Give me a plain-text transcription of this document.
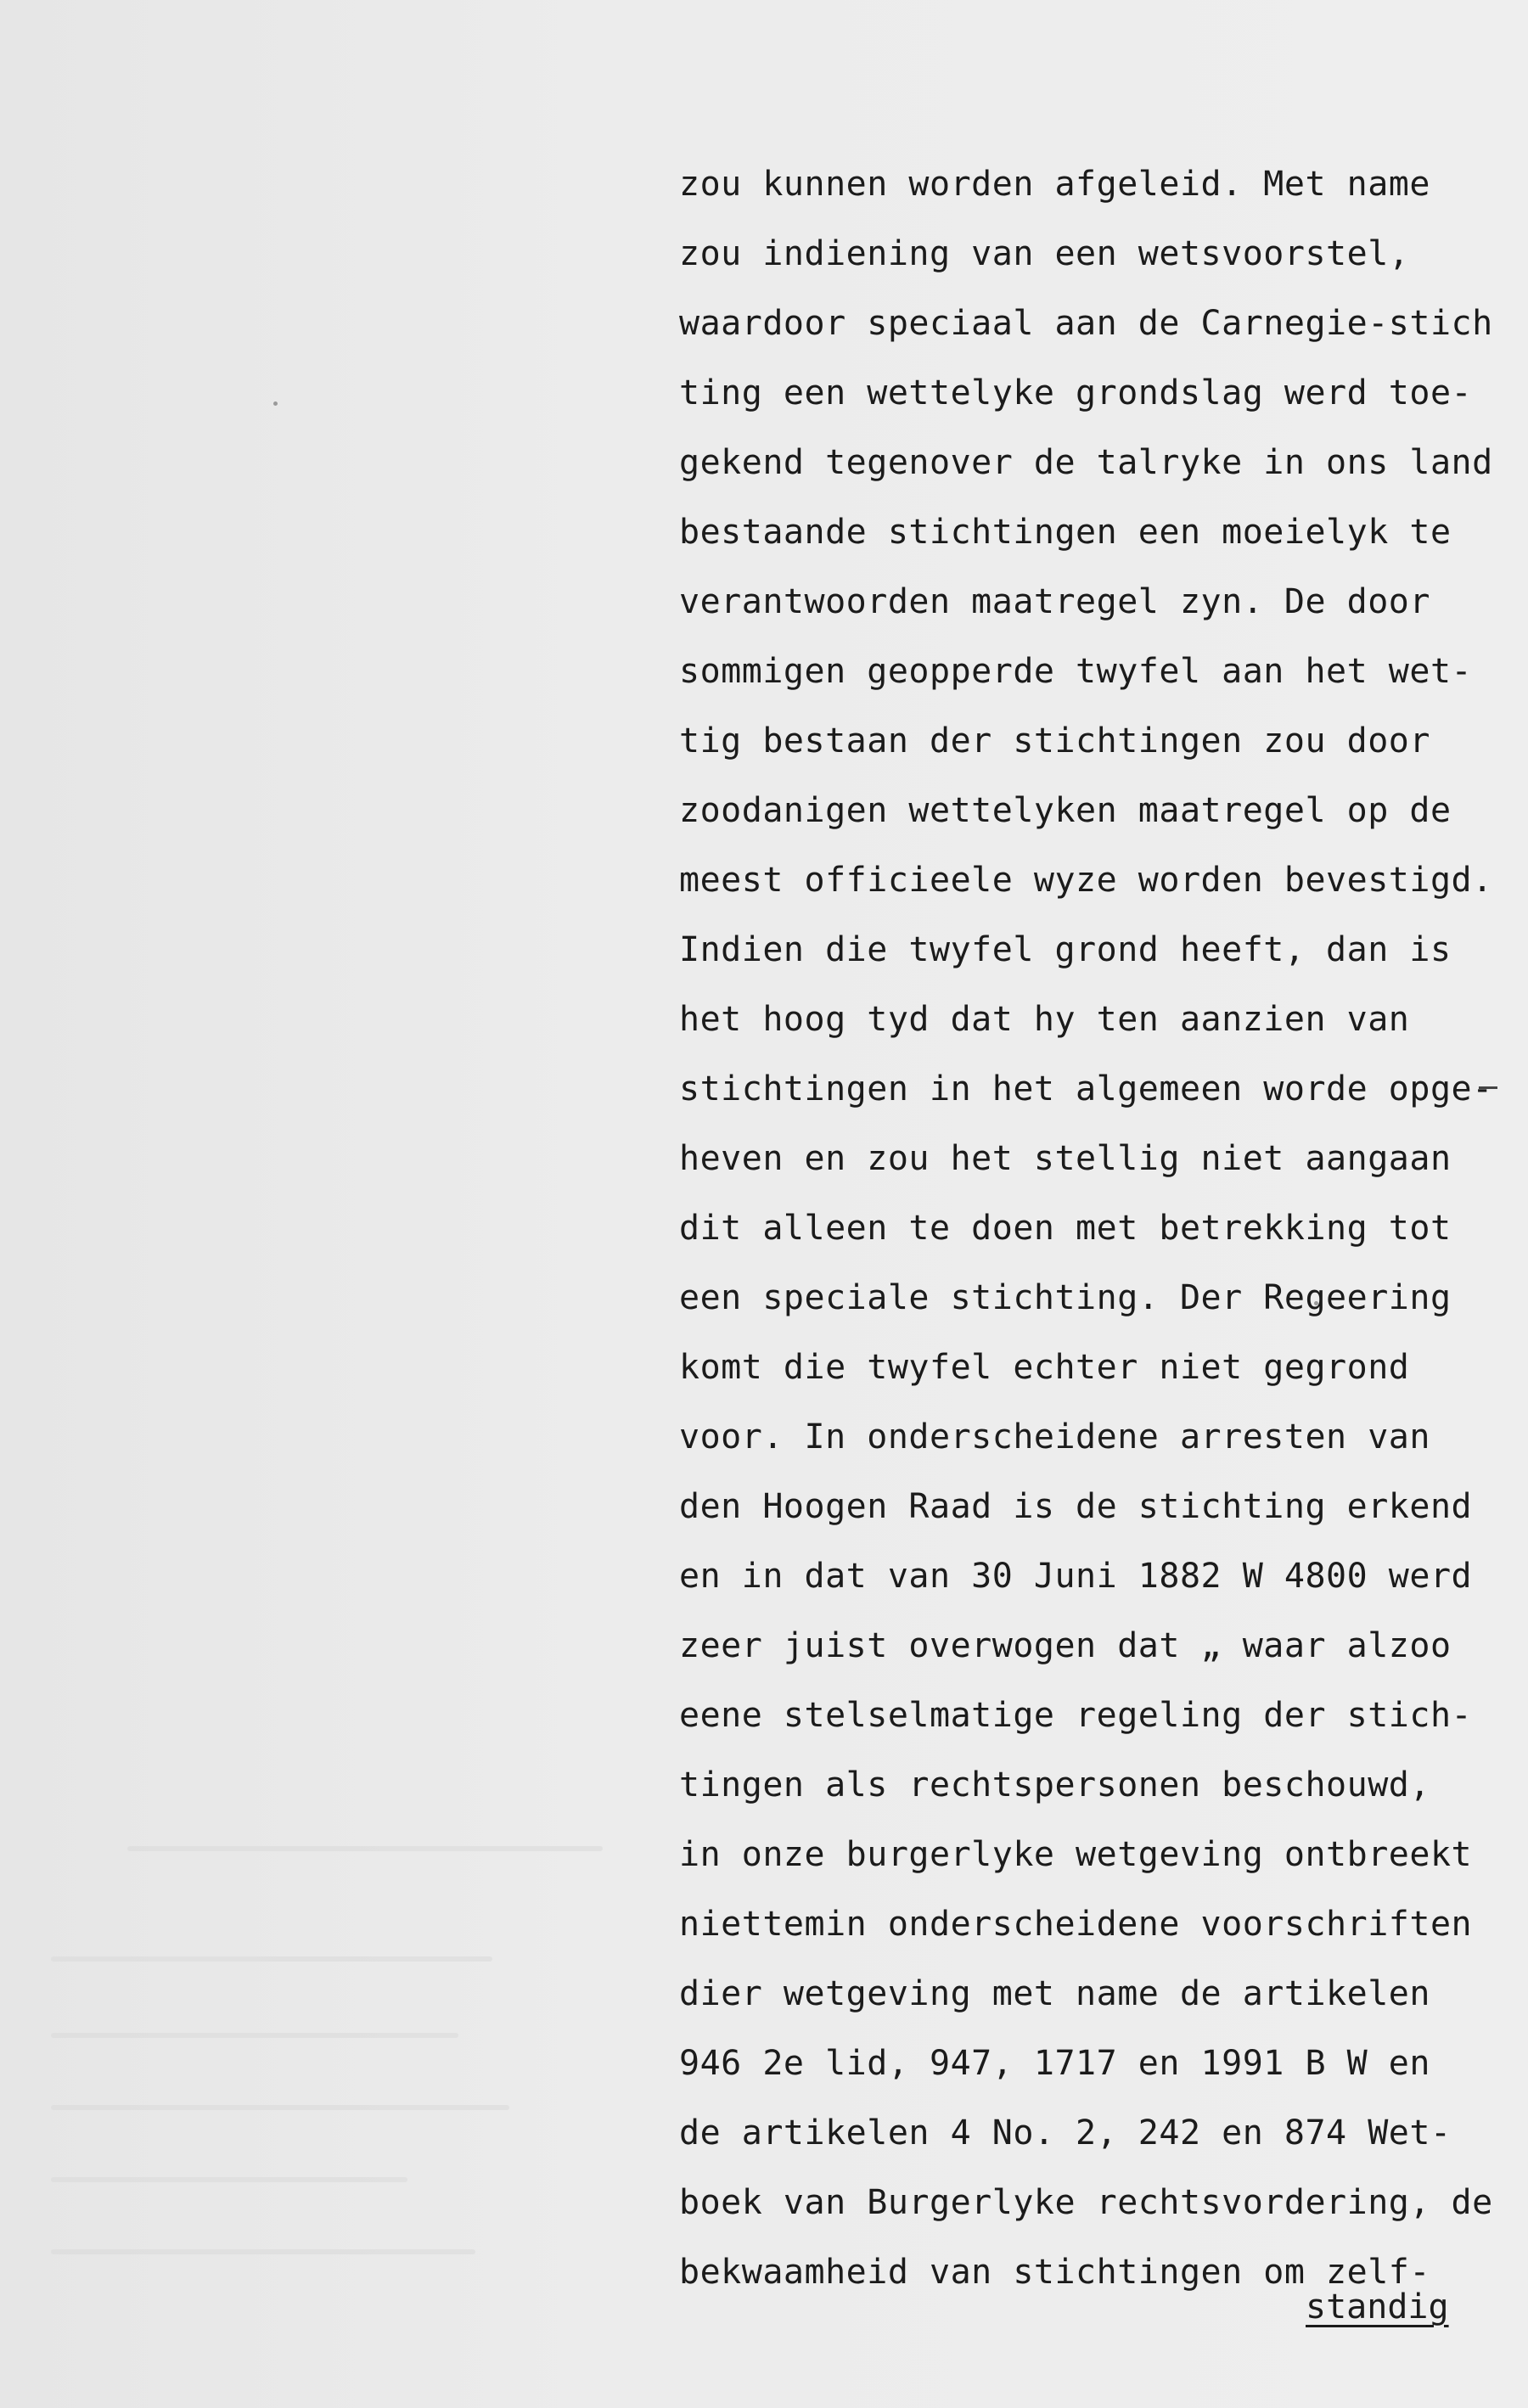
zou kunnen worden afgeleid. Met name
zou indiening van een wetsvoorstel,
waardoor speciaal aan de Carnegie-stich
ting een wettelyke grondslag werd toe-
gekend tegenover de talryke in ons land
bestaande stichtingen een moeielyk te
verantwoorden maatregel zyn. De door
sommigen geopperde twyfel aan het wet-
tig bestaan der stichtingen zou door
zoodanigen wettelyken maatregel op de
meest officieele wyze worden bevestigd.
Indien die twyfel grond heeft, dan is
het hoog tyd dat hy ten aanzien van
stichtingen in het algemeen worde opge-
heven en zou het stellig niet aangaan
dit alleen te doen met betrekking tot
een speciale stichting. Der Regeering
komt die twyfel echter niet gegrond
voor. In onderscheidene arresten van
den Hoogen Raad is de stichting erkend
en in dat van 30 Juni 1882 W 4800 werd
zeer juist overwogen dat „ waar alzoo
eene stelselmatige regeling der stich-
tingen als rechtspersonen beschouwd,
in onze burgerlyke wetgeving ontbreekt
niettemin onderscheidene voorschriften
dier wetgeving met name de artikelen
946 2e lid, 947, 1717 en 1991 B W en
de artikelen 4 No. 2, 242 en 874 Wet-
boek van Burgerlyke rechtsvordering, de
bekwaamheid van stichtingen om zelf-
standig
